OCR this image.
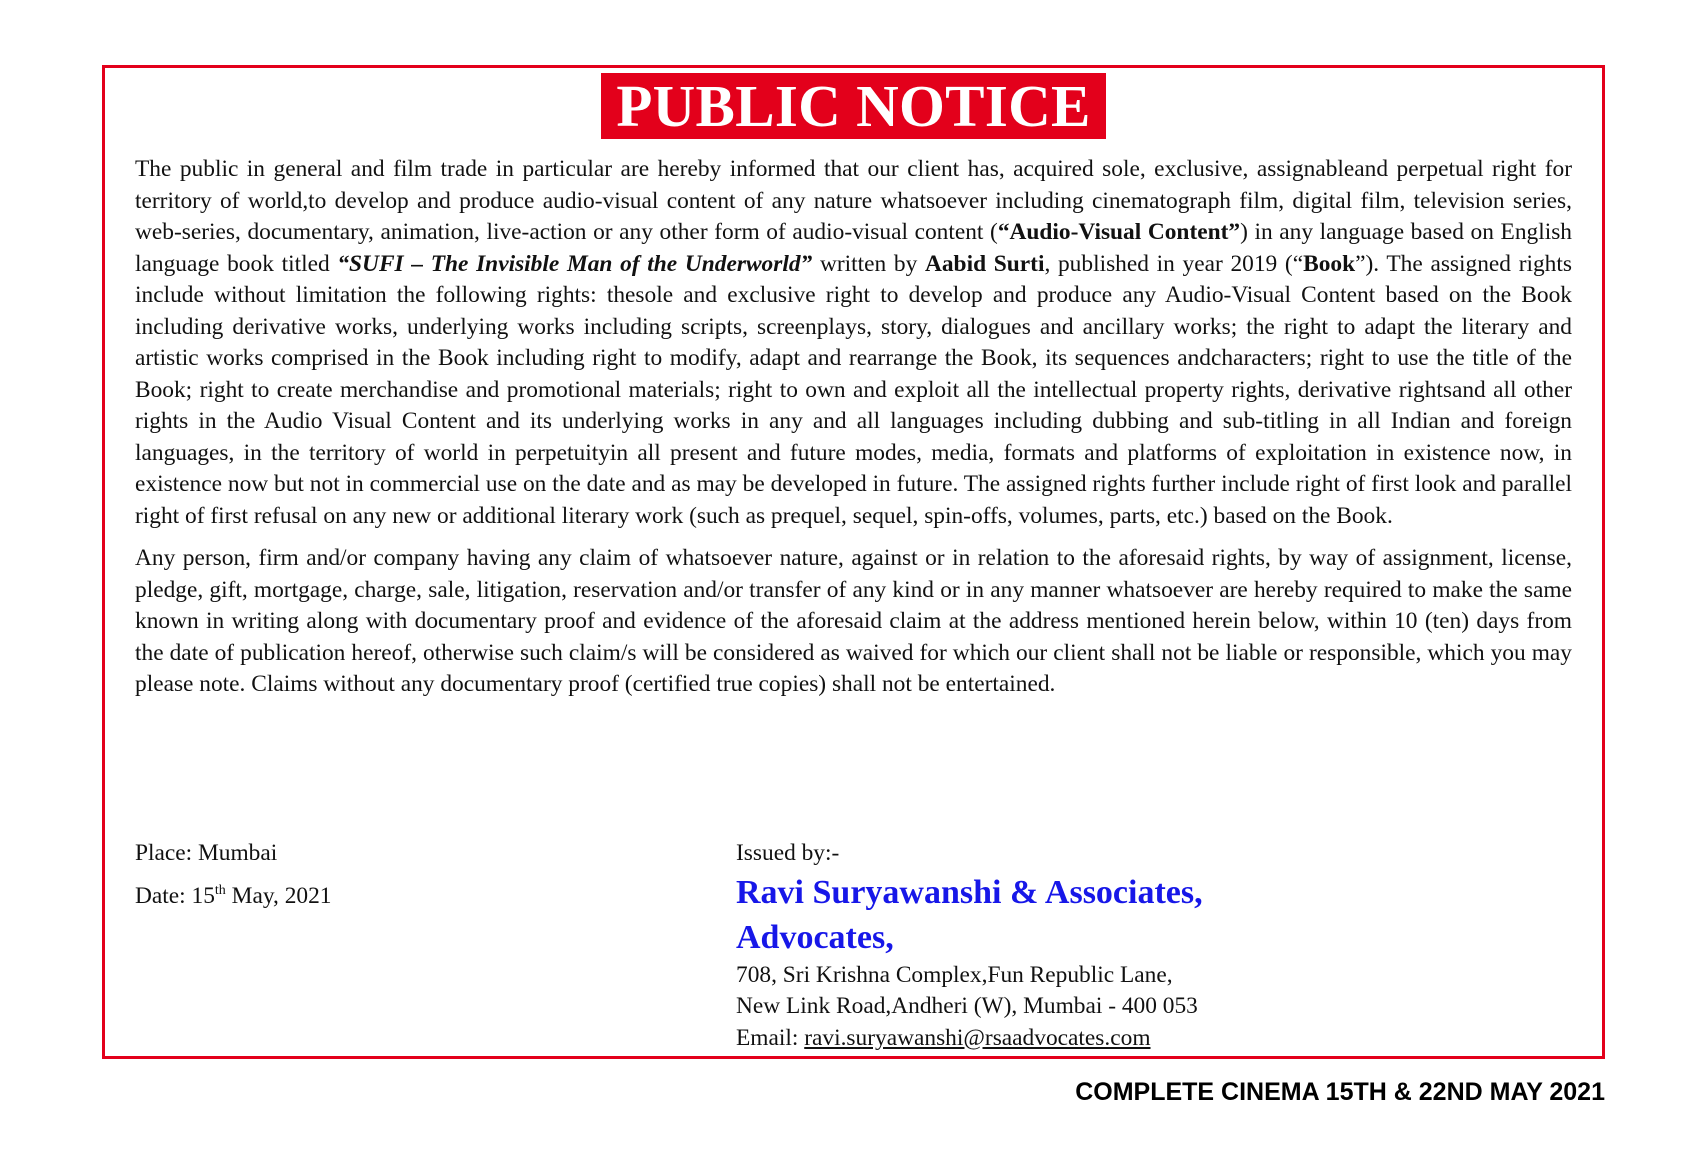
PUBLIC NOTICE

The public in general and film trade in particular are hereby informed that our client has, acquired sole, exclusive, assignableand perpetual right for territory of world,to develop and produce audio-visual content of any nature whatsoever including cinematograph film, digital film, television series, web-series, documentary, animation, live-action or any other form of audio-visual content (“Audio-Visual Content”) in any language based on English language book titled “SUFI – The Invisible Man of the Underworld” written by Aabid Surti, published in year 2019 (“Book”). The assigned rights include without limitation the following rights: thesole and exclusive right to develop and produce any Audio-Visual Content based on the Book including derivative works, underlying works including scripts, screenplays, story, dialogues and ancillary works; the right to adapt the literary and artistic works comprised in the Book including right to modify, adapt and rearrange the Book, its sequences andcharacters; right to use the title of the Book; right to create merchandise and promotional materials; right to own and exploit all the intellectual property rights, derivative rightsand all other rights in the Audio Visual Content and its underlying works in any and all languages including dubbing and sub-titling in all Indian and foreign languages, in the territory of world in perpetuityin all present and future modes, media, formats and platforms of exploitation in existence now, in existence now but not in commercial use on the date and as may be developed in future. The assigned rights further include right of first look and parallel right of first refusal on any new or additional literary work (such as prequel, sequel, spin-offs, volumes, parts, etc.) based on the Book.

Any person, firm and/or company having any claim of whatsoever nature, against or in relation to the aforesaid rights, by way of assignment, license, pledge, gift, mortgage, charge, sale, litigation, reservation and/or transfer of any kind or in any manner whatsoever are hereby required to make the same known in writing along with documentary proof and evidence of the aforesaid claim at the address mentioned herein below, within 10 (ten) days from the date of publication hereof, otherwise such claim/s will be considered as waived for which our client shall not be liable or responsible, which you may please note. Claims without any documentary proof (certified true copies) shall not be entertained.

Place: Mumbai
Date: 15th May, 2021
Issued by:-
Ravi Suryawanshi & Associates,
Advocates,
708, Sri Krishna Complex,Fun Republic Lane,
New Link Road,Andheri (W), Mumbai - 400 053
Email: ravi.suryawanshi@rsaadvocates.com
COMPLETE CINEMA 15TH & 22ND MAY 2021
